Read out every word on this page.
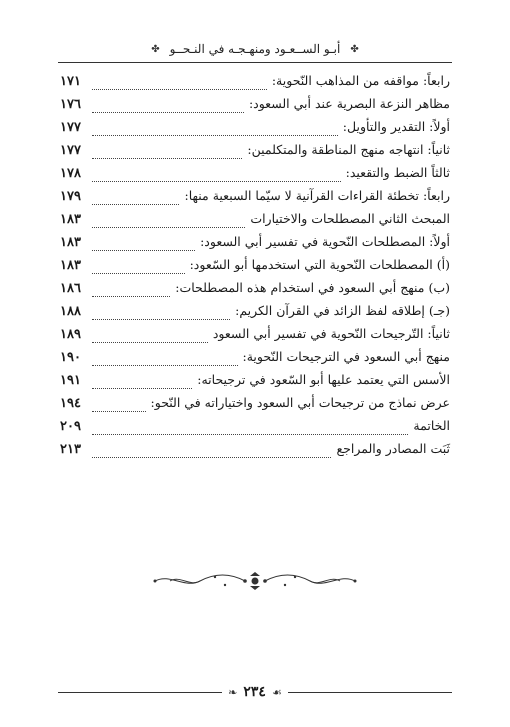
✤
أبـو الســعـود ومنهـجـه في النـحــو
✤
رابعاً: مواقفه من المذاهب النّحوية:
١٧١
مظاهر النزعة البصرية عند أبي السعود:
١٧٦
أولاً: التقدير والتأويل:
١٧٧
ثانياً: انتهاجه منهج المناطقة والمتكلمين:
١٧٧
ثالثاً الضبط والتقعيد:
١٧٨
رابعاً: تخطئة القراءات القرآنية لا سيّما السبعية منها:
١٧٩
المبحث الثاني المصطلحات والاختيارات
١٨٣
أولاً: المصطلحات النّحوية في تفسير أبي السعود:
١٨٣
(أ) المصطلحات النّحوية التي استخدمها أبو السّعود:
١٨٣
(ب) منهج أبي السعود في استخدام هذه المصطلحات:
١٨٦
(جـ) إطلاقه لفظ الزائد في القرآن الكريم:
١٨٨
ثانياً: التّرجيحات النّحوية في تفسير أبي السعود
١٨٩
منهج أبي السعود في الترجيحات النّحوية:
١٩٠
الأسس التي يعتمد عليها أبو السّعود في ترجيحاته:
١٩١
عرض نماذج من ترجيحات أبي السعود واختياراته في النّحو:
١٩٤
الخاتمة
٢٠٩
ثَبَت المصادر والمراجع
٢١٣
❧ ٢٣٤ ☙
